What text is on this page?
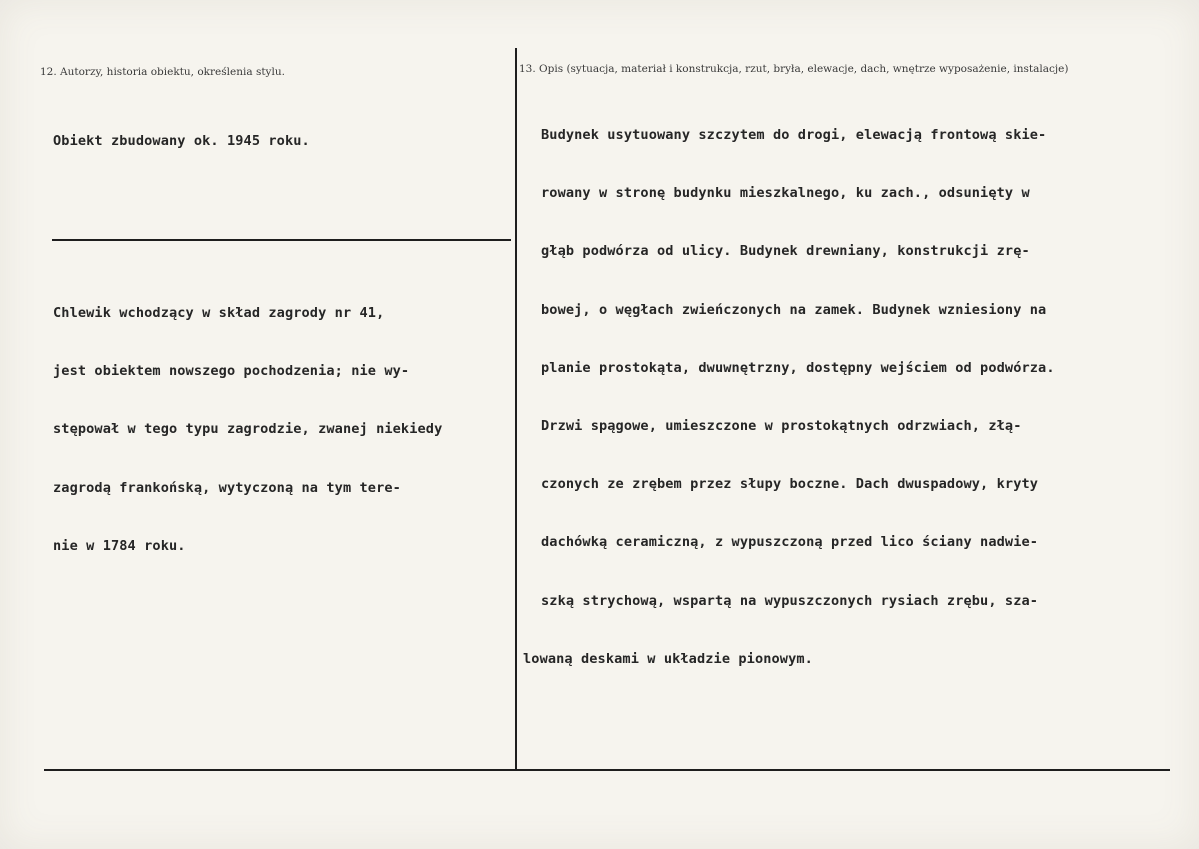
12. Autorzy, historia obiektu, określenia stylu.	13. Opis (sytuacja, materiał i konstrukcja, rzut, bryła, elewacje, dach, wnętrze wyposażenie, instalacje)

Obiekt zbudowany ok. 1945 roku.

	Budynek usytuowany szczytem do drogi, elewacją frontową skie-

rowany w stronę budynku mieszkalnego, ku zach., odsunięty w

głąb podwórza od ulicy. Budynek drewniany, konstrukcji zrę-

bowej, o węgłach zwieńczonych na zamek. Budynek wzniesiony na

planie prostokąta, dwuwnętrzny, dostępny wejściem od podwórza.

Drzwi spągowe, umieszczone w prostokątnych odrzwiach, złą-

czonych ze zrębem przez słupy boczne. Dach dwuspadowy, kryty

dachówką ceramiczną, z wypuszczoną przed lico ściany nadwie-

szką strychową, wspartą na wypuszczonych rysiach zrębu, sza-

lowaną deskami w układzie pionowym.

Chlewik wchodzący w skład zagrody nr 41,

jest obiektem nowszego pochodzenia; nie wy-

stępował w tego typu zagrodzie, zwanej niekiedy

zagrodą frankońską, wytyczoną na tym tere-

nie w 1784 roku.
